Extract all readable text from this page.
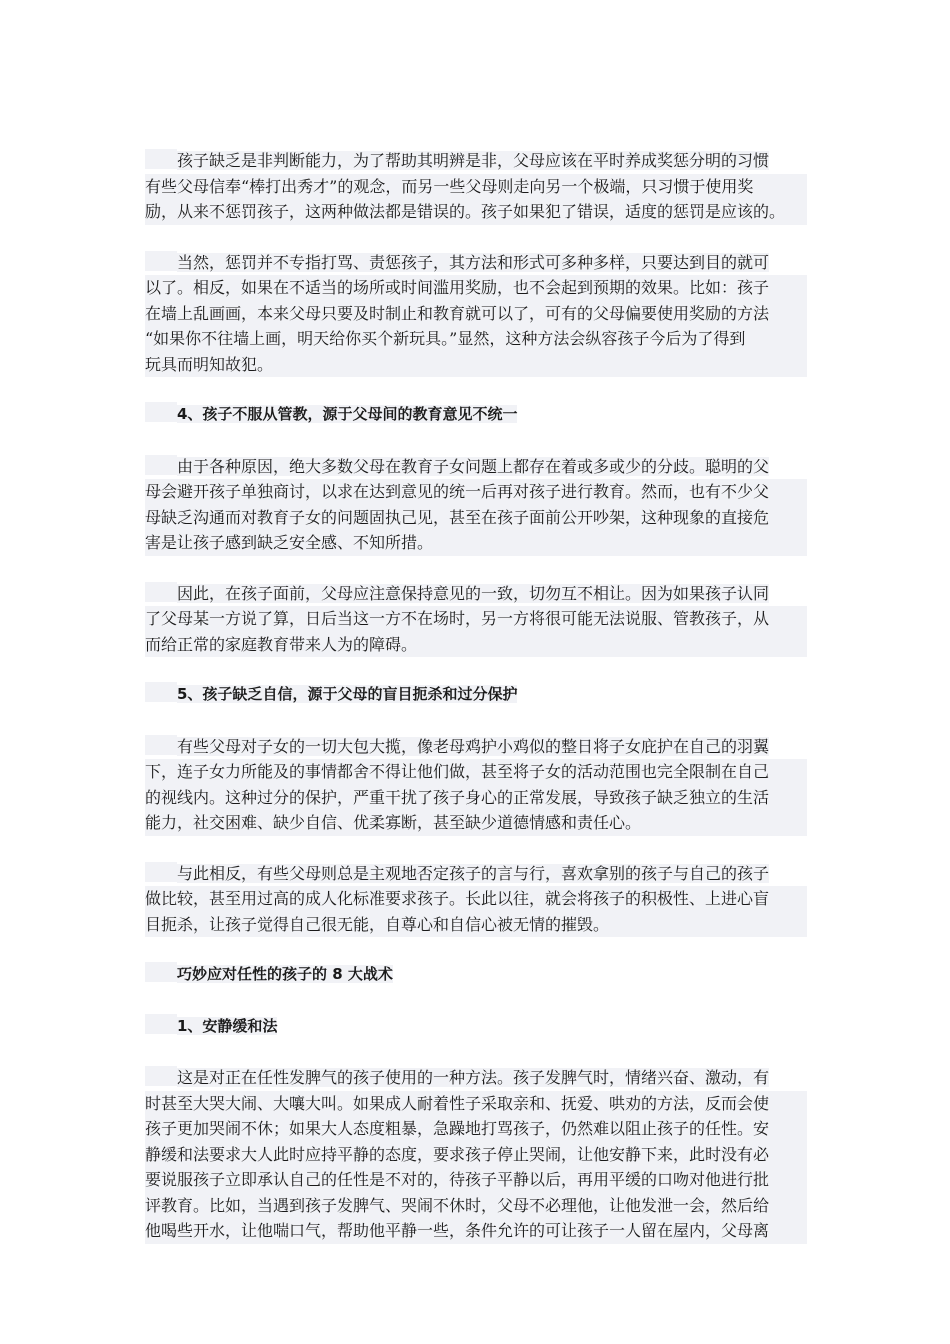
孩子缺乏是非判断能力，为了帮助其明辨是非，父母应该在平时养成奖惩分明的习惯
有些父母信奉“棒打出秀才”的观念，而另一些父母则走向另一个极端，只习惯于使用奖
励，从来不惩罚孩子，这两种做法都是错误的。孩子如果犯了错误，适度的惩罚是应该的。
当然，惩罚并不专指打骂、责惩孩子，其方法和形式可多种多样，只要达到目的就可
以了。相反，如果在不适当的场所或时间滥用奖励，也不会起到预期的效果。比如：孩子
在墙上乱画画，本来父母只要及时制止和教育就可以了，可有的父母偏要使用奖励的方法
“如果你不往墙上画，明天给你买个新玩具。”显然，这种方法会纵容孩子今后为了得到
玩具而明知故犯。
4、孩子不服从管教，源于父母间的教育意见不统一
由于各种原因，绝大多数父母在教育子女问题上都存在着或多或少的分歧。聪明的父
母会避开孩子单独商讨，以求在达到意见的统一后再对孩子进行教育。然而，也有不少父
母缺乏沟通而对教育子女的问题固执己见，甚至在孩子面前公开吵架，这种现象的直接危
害是让孩子感到缺乏安全感、不知所措。
因此，在孩子面前，父母应注意保持意见的一致，切勿互不相让。因为如果孩子认同
了父母某一方说了算，日后当这一方不在场时，另一方将很可能无法说服、管教孩子，从
而给正常的家庭教育带来人为的障碍。
5、孩子缺乏自信，源于父母的盲目扼杀和过分保护
有些父母对子女的一切大包大揽，像老母鸡护小鸡似的整日将子女庇护在自己的羽翼
下，连子女力所能及的事情都舍不得让他们做，甚至将子女的活动范围也完全限制在自己
的视线内。这种过分的保护，严重干扰了孩子身心的正常发展，导致孩子缺乏独立的生活
能力，社交困难、缺少自信、优柔寡断，甚至缺少道德情感和责任心。
与此相反，有些父母则总是主观地否定孩子的言与行，喜欢拿别的孩子与自己的孩子
做比较，甚至用过高的成人化标准要求孩子。长此以往，就会将孩子的积极性、上进心盲
目扼杀，让孩子觉得自己很无能，自尊心和自信心被无情的摧毁。
巧妙应对任性的孩子的 8 大战术
1、安静缓和法
这是对正在任性发脾气的孩子使用的一种方法。孩子发脾气时，情绪兴奋、激动，有
时甚至大哭大闹、大嚷大叫。如果成人耐着性子采取亲和、抚爱、哄劝的方法，反而会使
孩子更加哭闹不休；如果大人态度粗暴，急躁地打骂孩子，仍然难以阻止孩子的任性。安
静缓和法要求大人此时应持平静的态度，要求孩子停止哭闹，让他安静下来，此时没有必
要说服孩子立即承认自己的任性是不对的，待孩子平静以后，再用平缓的口吻对他进行批
评教育。比如，当遇到孩子发脾气、哭闹不休时，父母不必理他，让他发泄一会，然后给
他喝些开水，让他喘口气，帮助他平静一些，条件允许的可让孩子一人留在屋内，父母离
